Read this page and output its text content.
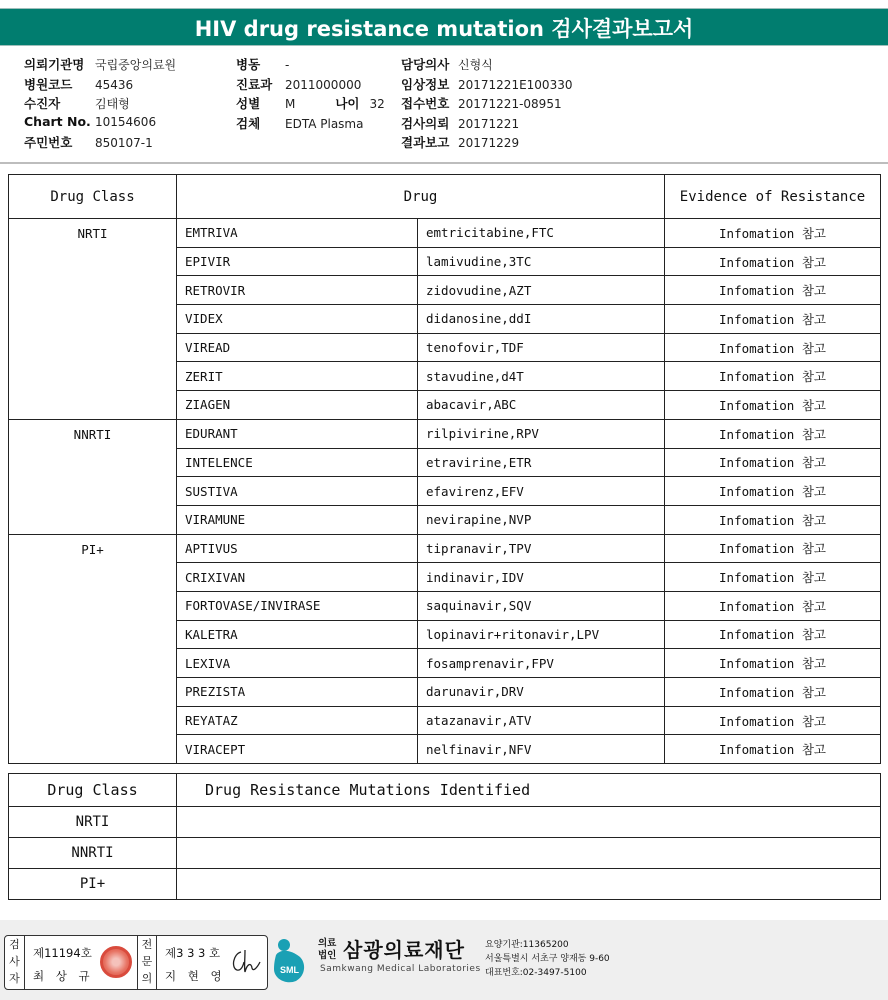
HIV drug resistance mutation 검사결과보고서
의뢰기관명 국립중앙의료원
병원코드 45436
수진자	김태형
Chart No. 10154606
주민번호 850107-1
병동 -
진료과 2011000000
성별 M	나이 32
검체 EDTA Plasma
담당의사 신형식
임상정보 20171221E100330
접수번호 20171221-08951
검사의뢰 20171221
결과보고 20171229
Drug Class	Drug		Evidence of Resistance
NRTI	EMTRIVA	emtricitabine,FTC	Infomation 참고
	EPIVIR	lamivudine,3TC	Infomation 참고
	RETROVIR	zidovudine,AZT	Infomation 참고
	VIDEX	didanosine,ddI	Infomation 참고
	VIREAD	tenofovir,TDF	Infomation 참고
	ZERIT	stavudine,d4T	Infomation 참고
	ZIAGEN	abacavir,ABC	Infomation 참고
NNRTI	EDURANT	rilpivirine,RPV	Infomation 참고
	INTELENCE	etravirine,ETR	Infomation 참고
	SUSTIVA	efavirenz,EFV	Infomation 참고
	VIRAMUNE	nevirapine,NVP	Infomation 참고
PI+	APTIVUS	tipranavir,TPV	Infomation 참고
	CRIXIVAN	indinavir,IDV	Infomation 참고
	FORTOVASE/INVIRASE	saquinavir,SQV	Infomation 참고
	KALETRA	lopinavir+ritonavir,LPV	Infomation 참고
	LEXIVA	fosamprenavir,FPV	Infomation 참고
	PREZISTA	darunavir,DRV	Infomation 참고
	REYATAZ	atazanavir,ATV	Infomation 참고
	VIRACEPT	nelfinavir,NFV	Infomation 참고
Drug Class	Drug Resistance Mutations Identified
NRTI	
NNRTI	
PI+	
검사자
제11194호
최 상 규
전문의
제3 3 3 호
지 현 영	SML
의료
법인 삼광의료재단
Samkwang Medical Laboratories
요양기관:11365200
서울특별시 서초구 양재동 9-60
대표번호:02-3497-5100
